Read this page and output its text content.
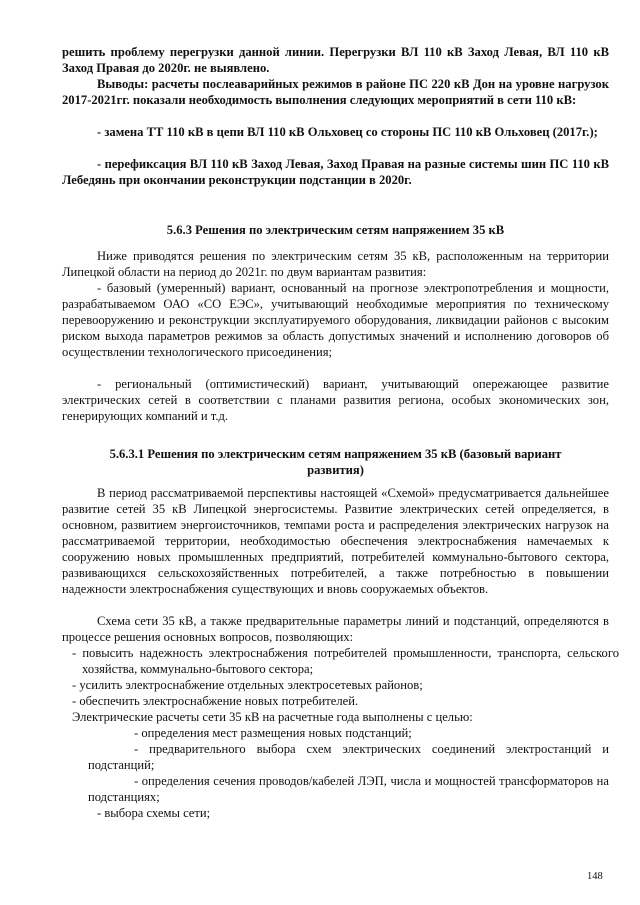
решить проблему перегрузки данной линии. Перегрузки ВЛ 110 кВ Заход Левая, ВЛ 110 кВ Заход Правая до 2020г. не выявлено.

Выводы: расчеты послеаварийных режимов в районе ПС 220 кВ Дон на уровне нагрузок 2017-2021гг. показали необходимость выполнения следующих мероприятий в сети 110 кВ:

- замена ТТ 110 кВ в цепи ВЛ 110 кВ Ольховец со стороны ПС 110 кВ Ольховец (2017г.);

- перефиксация ВЛ 110 кВ Заход Левая, Заход Правая на разные системы шин ПС 110 кВ Лебедянь при окончании реконструкции подстанции в 2020г.

5.6.3 Решения по электрическим сетям напряжением 35 кВ

Ниже приводятся решения по электрическим сетям 35 кВ, расположенным на территории Липецкой области на период до 2021г. по двум вариантам развития:

- базовый (умеренный) вариант, основанный на прогнозе электропотребления и мощности, разрабатываемом ОАО «СО ЕЭС», учитывающий необходимые мероприятия по техническому перевооружению и реконструкции эксплуатируемого оборудования, ликвидации районов с высоким риском выхода параметров режимов за область допустимых значений и исполнению договоров об осуществлении технологического присоединения;

- региональный (оптимистический) вариант, учитывающий опережающее развитие электрических сетей в соответствии с планами развития региона, особых экономических зон, генерирующих компаний и т.д.

5.6.3.1 Решения по электрическим сетям напряжением 35 кВ (базовый вариант
развития)

В период рассматриваемой перспективы настоящей «Схемой» предусматривается дальнейшее развитие сетей 35 кВ Липецкой энергосистемы. Развитие электрических сетей определяется, в основном, развитием энергоисточников, темпами роста и распределения электрических нагрузок на рассматриваемой территории, необходимостью обеспечения электроснабжения намечаемых к сооружению новых промышленных предприятий, потребителей коммунально-бытового сектора, развивающихся сельскохозяйственных потребителей, а также потребностью в повышении надежности электроснабжения существующих и вновь сооружаемых объектов.

Схема сети 35 кВ, а также предварительные параметры линий и подстанций, определяются в процессе решения основных вопросов, позволяющих:

- повысить надежность электроснабжения потребителей промышленности, транспорта, сельского хозяйства, коммунально-бытового сектора;

- усилить электроснабжение отдельных электросетевых районов;

- обеспечить электроснабжение новых потребителей.

Электрические расчеты сети 35 кВ на расчетные года выполнены с целью:

- определения мест размещения новых подстанций;

- предварительного выбора схем электрических соединений электростанций и подстанций;

- определения сечения проводов/кабелей ЛЭП, числа и мощностей трансформаторов на подстанциях;

- выбора схемы сети;

148
